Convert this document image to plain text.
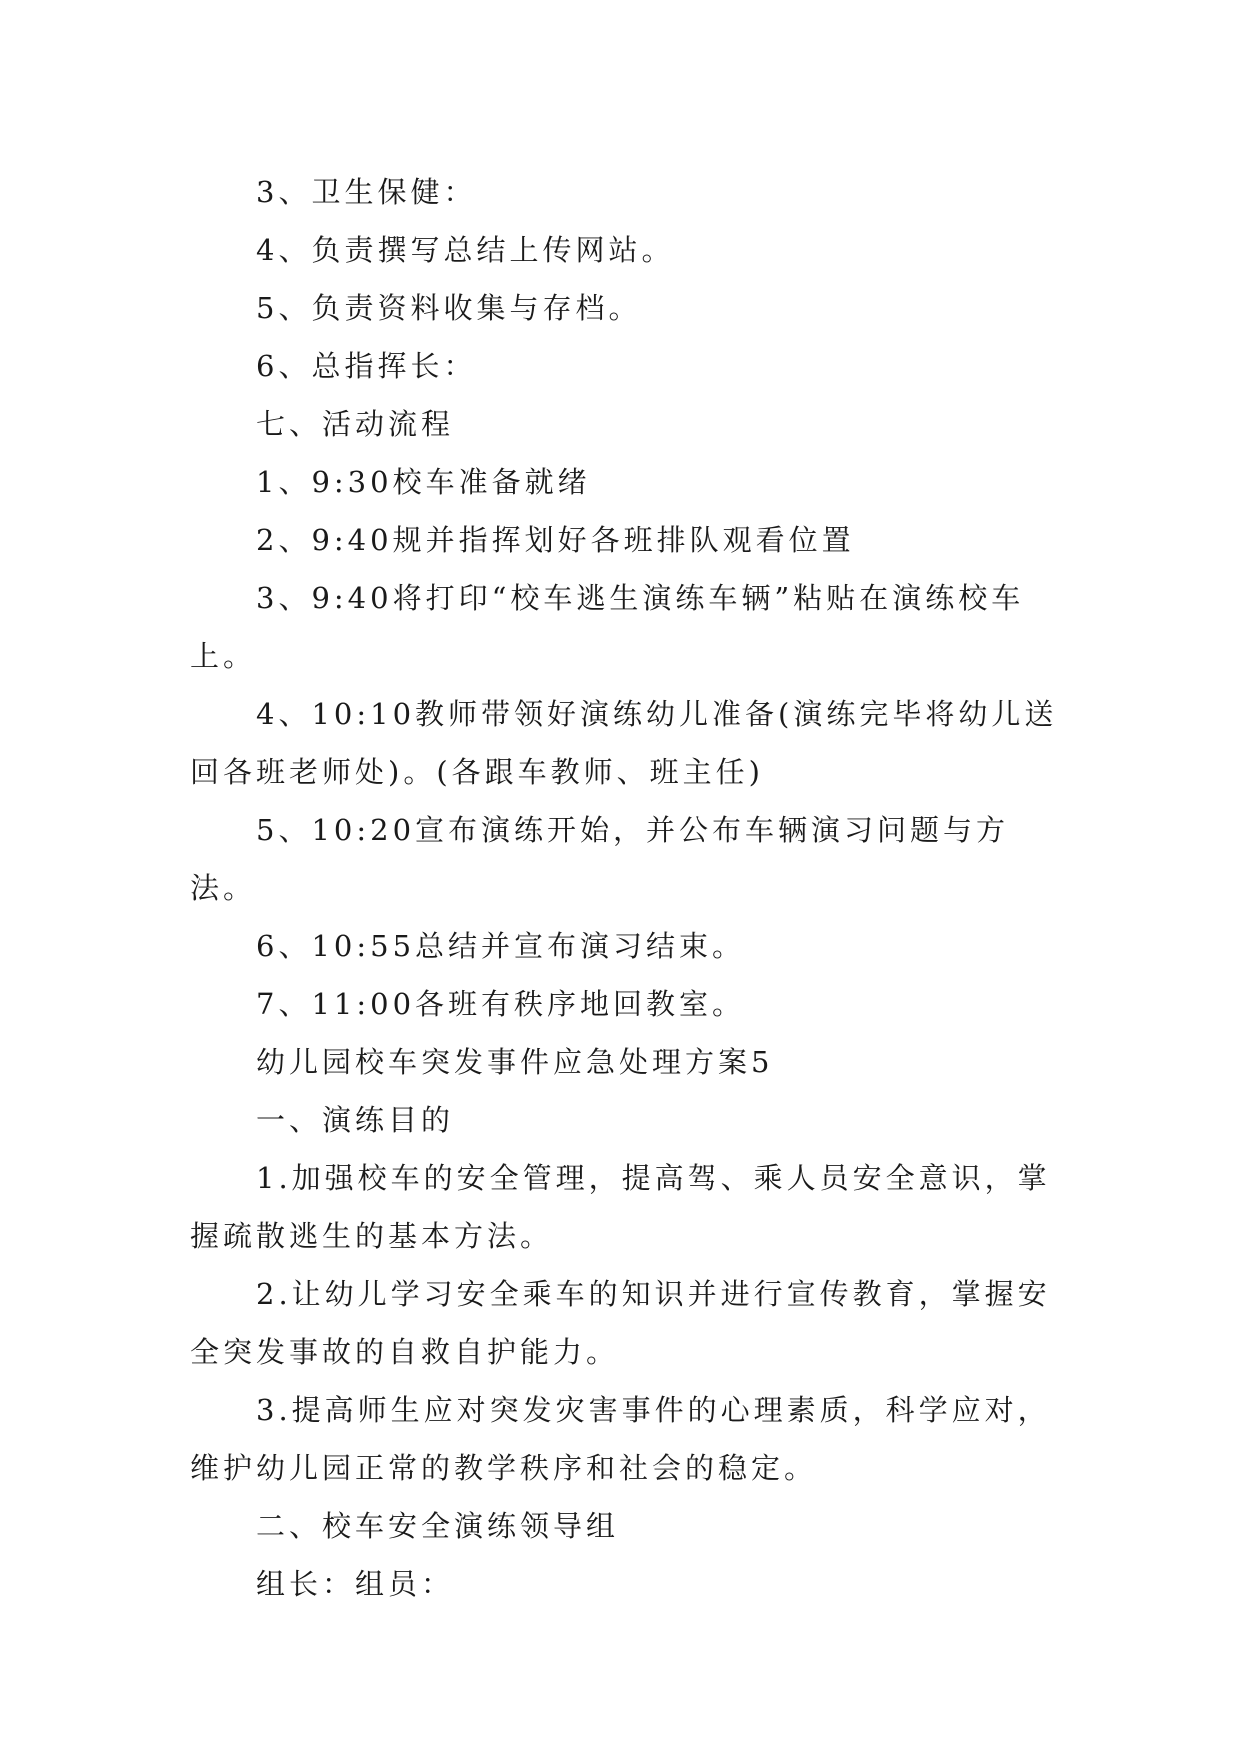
3、卫生保健：

4、负责撰写总结上传网站。

5、负责资料收集与存档。

6、总指挥长：

七、活动流程

1、9:30校车准备就绪

2、9:40规并指挥划好各班排队观看位置

3、9:40将打印“校车逃生演练车辆”粘贴在演练校车上。

4、10:10教师带领好演练幼儿准备(演练完毕将幼儿送回各班老师处)。(各跟车教师、班主任)

5、10:20宣布演练开始，并公布车辆演习问题与方法。

6、10:55总结并宣布演习结束。

7、11:00各班有秩序地回教室。

幼儿园校车突发事件应急处理方案5

一、演练目的

1.加强校车的安全管理，提高驾、乘人员安全意识，掌握疏散逃生的基本方法。

2.让幼儿学习安全乘车的知识并进行宣传教育，掌握安全突发事故的自救自护能力。

3.提高师生应对突发灾害事件的心理素质，科学应对，维护幼儿园正常的教学秩序和社会的稳定。

二、校车安全演练领导组

组长：组员：
